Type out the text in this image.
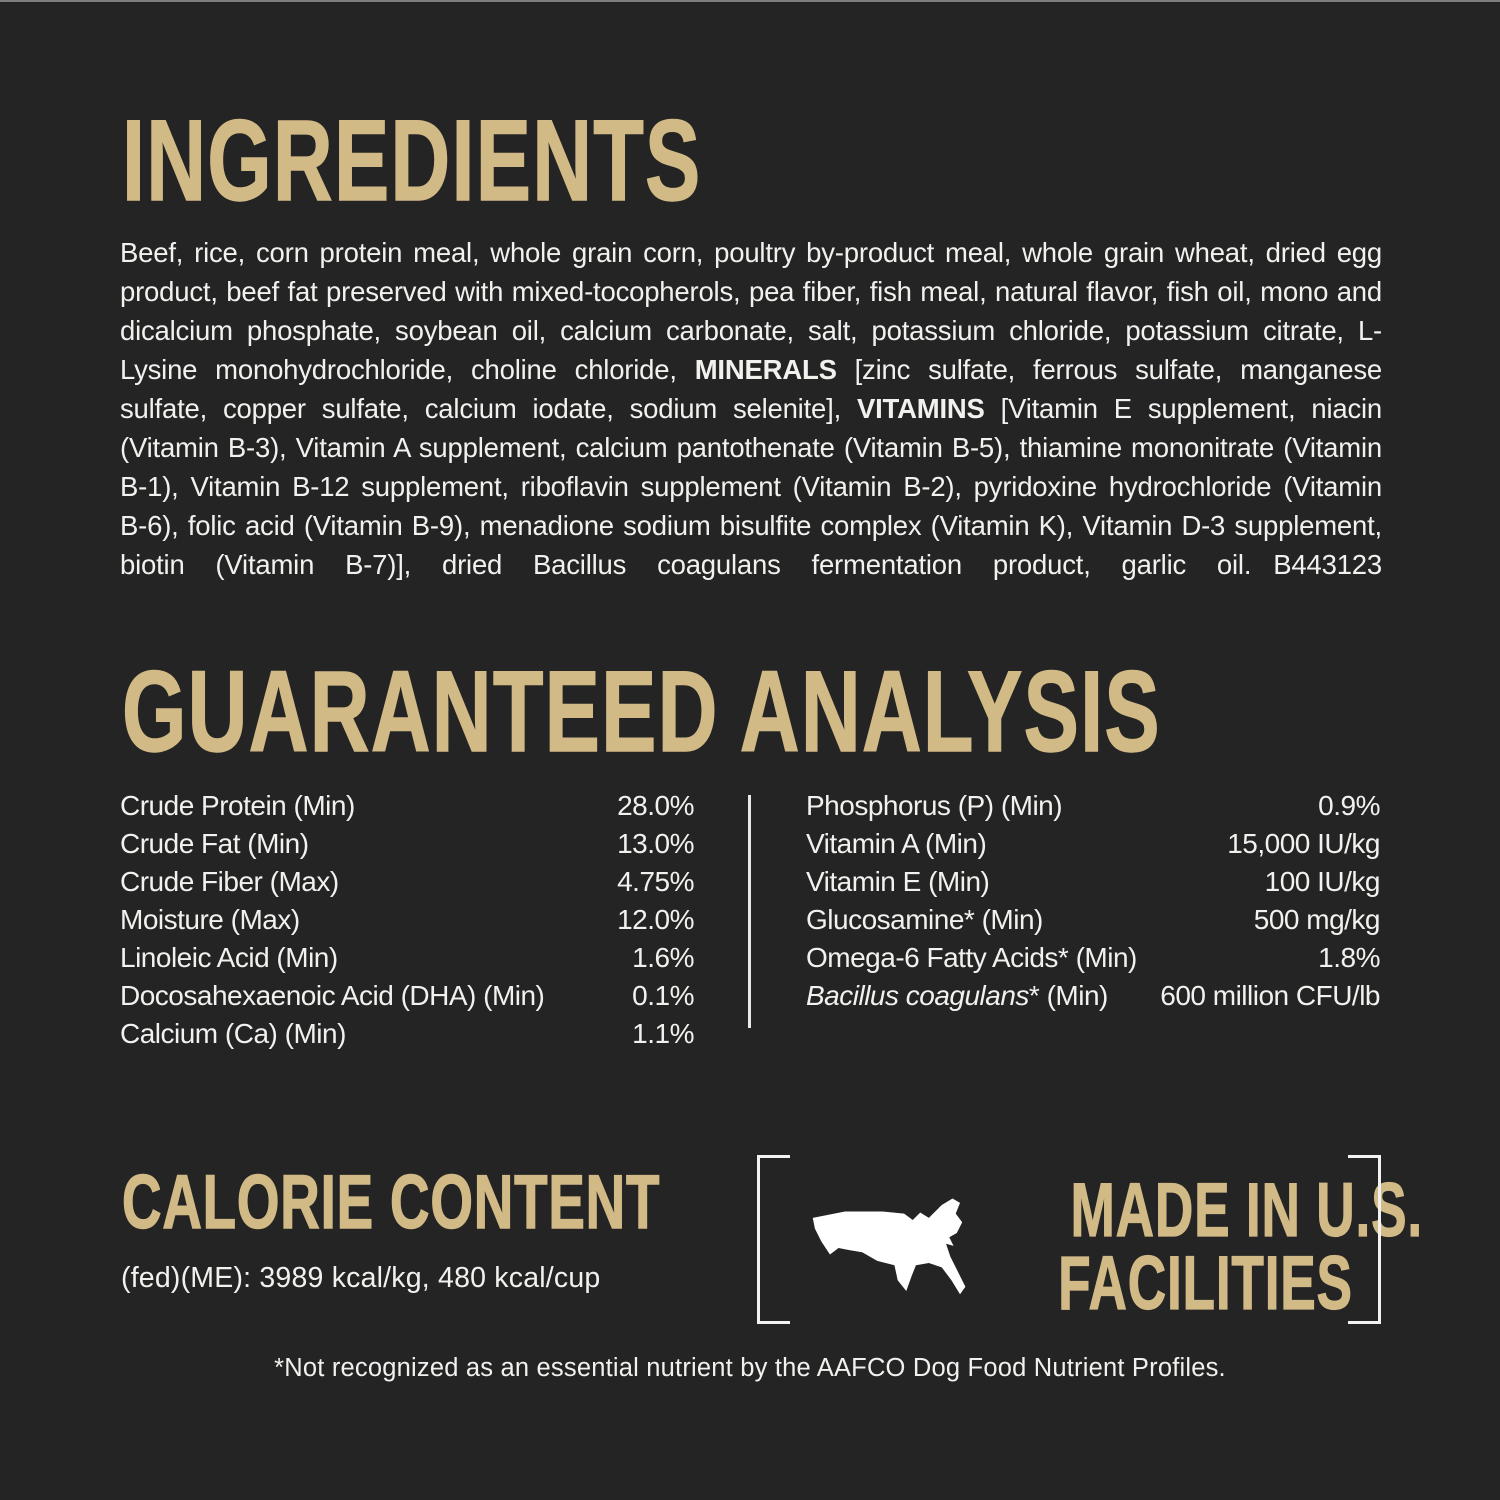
INGREDIENTS

Beef, rice, corn protein meal, whole grain corn, poultry by-product meal, whole grain wheat, dried egg product, beef fat preserved with mixed-tocopherols, pea fiber, fish meal, natural flavor, fish oil, mono and dicalcium phosphate, soybean oil, calcium carbonate, salt, potassium chloride, potassium citrate, L-Lysine monohydrochloride, choline chloride, MINERALS [zinc sulfate, ferrous sulfate, manganese sulfate, copper sulfate, calcium iodate, sodium selenite], VITAMINS [Vitamin E supplement, niacin (Vitamin B-3), Vitamin A supplement, calcium pantothenate (Vitamin B-5), thiamine mononitrate (Vitamin B-1), Vitamin B-12 supplement, riboflavin supplement (Vitamin B-2), pyridoxine hydrochloride (Vitamin B-6), folic acid (Vitamin B-9), menadione sodium bisulfite complex (Vitamin K), Vitamin D-3 supplement, biotin (Vitamin B-7)], dried Bacillus coagulans fermentation product, garlic oil. B443123

GUARANTEED ANALYSIS
Crude Protein (Min)	28.0%
Crude Fat (Min)	13.0%
Crude Fiber (Max)	4.75%
Moisture (Max)	12.0%
Linoleic Acid (Min)	1.6%
Docosahexaenoic Acid (DHA) (Min)	0.1%
Calcium (Ca) (Min)	1.1%
Phosphorus (P) (Min)	0.9%
Vitamin A (Min)	15,000 IU/kg
Vitamin E (Min)	100 IU/kg
Glucosamine* (Min)	500 mg/kg
Omega-6 Fatty Acids* (Min)	1.8%
Bacillus coagulans* (Min) 600 million CFU/lb
CALORIE CONTENT
(fed)(ME): 3989 kcal/kg, 480 kcal/cup
MADE IN U.S.
FACILITIES
*Not recognized as an essential nutrient by the AAFCO Dog Food Nutrient Profiles.
